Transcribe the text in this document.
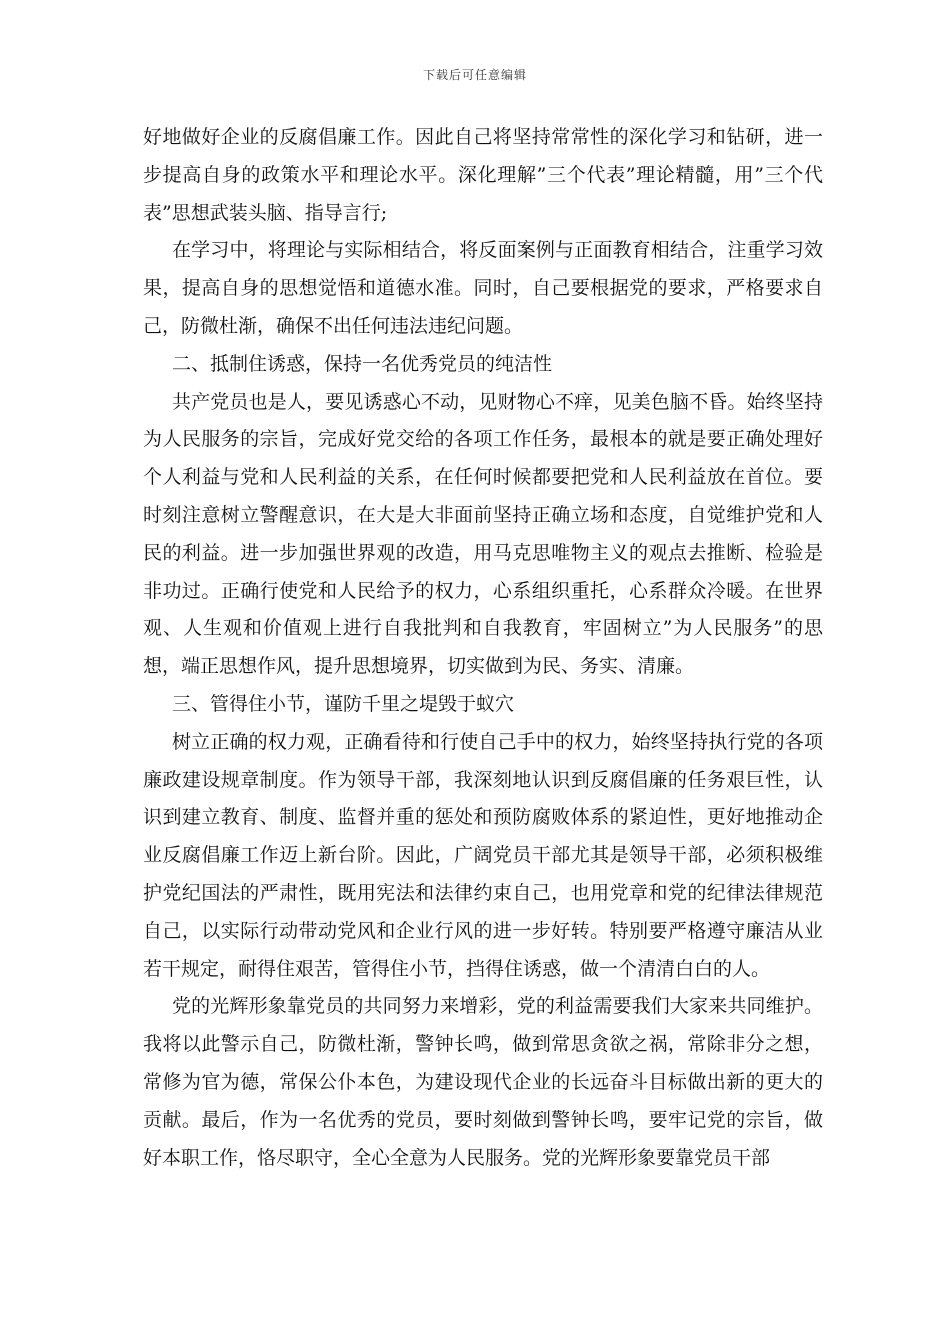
下载后可任意编辑

好地做好企业的反腐倡廉工作。因此自己将坚持常常性的深化学习和钻研，进一步提高自身的政策水平和理论水平。深化理解”三个代表”理论精髓，用”三个代表”思想武装头脑、指导言行;

在学习中，将理论与实际相结合，将反面案例与正面教育相结合，注重学习效果，提高自身的思想觉悟和道德水准。同时，自己要根据党的要求，严格要求自己，防微杜渐，确保不出任何违法违纪问题。

二、抵制住诱惑，保持一名优秀党员的纯洁性

共产党员也是人，要见诱惑心不动，见财物心不痒，见美色脑不昏。始终坚持为人民服务的宗旨，完成好党交给的各项工作任务，最根本的就是要正确处理好个人利益与党和人民利益的关系，在任何时候都要把党和人民利益放在首位。要时刻注意树立警醒意识，在大是大非面前坚持正确立场和态度，自觉维护党和人民的利益。进一步加强世界观的改造，用马克思唯物主义的观点去推断、检验是非功过。正确行使党和人民给予的权力，心系组织重托，心系群众冷暖。在世界观、人生观和价值观上进行自我批判和自我教育，牢固树立”为人民服务”的思想，端正思想作风，提升思想境界，切实做到为民、务实、清廉。

三、管得住小节，谨防千里之堤毁于蚁穴

树立正确的权力观，正确看待和行使自己手中的权力，始终坚持执行党的各项廉政建设规章制度。作为领导干部，我深刻地认识到反腐倡廉的任务艰巨性，认识到建立教育、制度、监督并重的惩处和预防腐败体系的紧迫性，更好地推动企业反腐倡廉工作迈上新台阶。因此，广阔党员干部尤其是领导干部，必须积极维护党纪国法的严肃性，既用宪法和法律约束自己，也用党章和党的纪律法律规范自己，以实际行动带动党风和企业行风的进一步好转。特别要严格遵守廉洁从业若干规定，耐得住艰苦，管得住小节，挡得住诱惑，做一个清清白白的人。

党的光辉形象靠党员的共同努力来增彩，党的利益需要我们大家来共同维护。我将以此警示自己，防微杜渐，警钟长鸣，做到常思贪欲之祸，常除非分之想，常修为官为德，常保公仆本色，为建设现代企业的长远奋斗目标做出新的更大的贡献。最后，作为一名优秀的党员，要时刻做到警钟长鸣，要牢记党的宗旨，做好本职工作，恪尽职守，全心全意为人民服务。党的光辉形象要靠党员干部
